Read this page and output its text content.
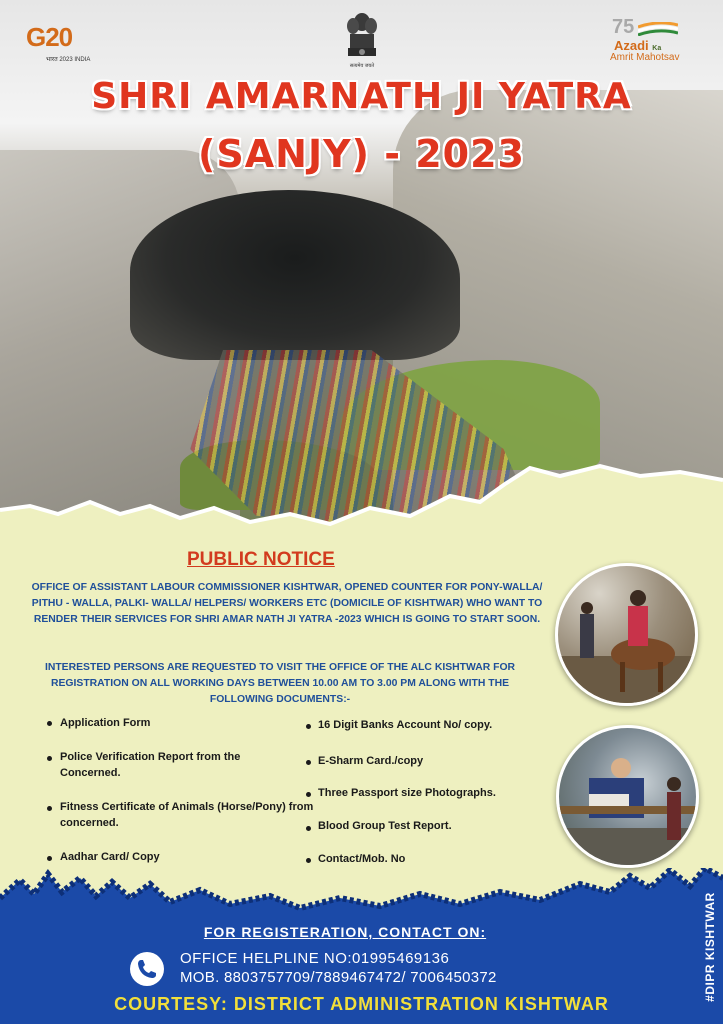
G20
भारत 2023 INDIA
सत्यमेव जयते
75
Azadi Ka
Amrit Mahotsav
SHRI AMARNATH JI YATRA
(SANJY) - 2023
PUBLIC NOTICE
OFFICE OF ASSISTANT LABOUR COMMISSIONER KISHTWAR, OPENED COUNTER FOR PONY-WALLA/ PITHU - WALLA, PALKI- WALLA/ HELPERS/ WORKERS ETC (DOMICILE OF KISHTWAR) WHO WANT TO RENDER THEIR SERVICES FOR SHRI AMAR NATH JI YATRA -2023 WHICH IS GOING TO START SOON.
INTERESTED PERSONS ARE REQUESTED TO VISIT THE OFFICE OF THE ALC KISHTWAR FOR REGISTRATION ON ALL WORKING DAYS BETWEEN 10.00 AM TO 3.00 PM ALONG WITH THE FOLLOWING DOCUMENTS:-
Application Form
Police Verification Report from the Concerned.
Fitness Certificate of Animals (Horse/Pony) from concerned.
Aadhar Card/ Copy
16 Digit Banks Account No/ copy.
E-Sharm Card./copy
Three Passport size Photographs.
Blood Group Test Report.
Contact/Mob. No
FOR REGISTERATION, CONTACT ON:
OFFICE HELPLINE NO:01995469136
MOB. 8803757709/7889467472/ 7006450372
COURTESY: DISTRICT ADMINISTRATION KISHTWAR
#DIPR KISHTWAR
